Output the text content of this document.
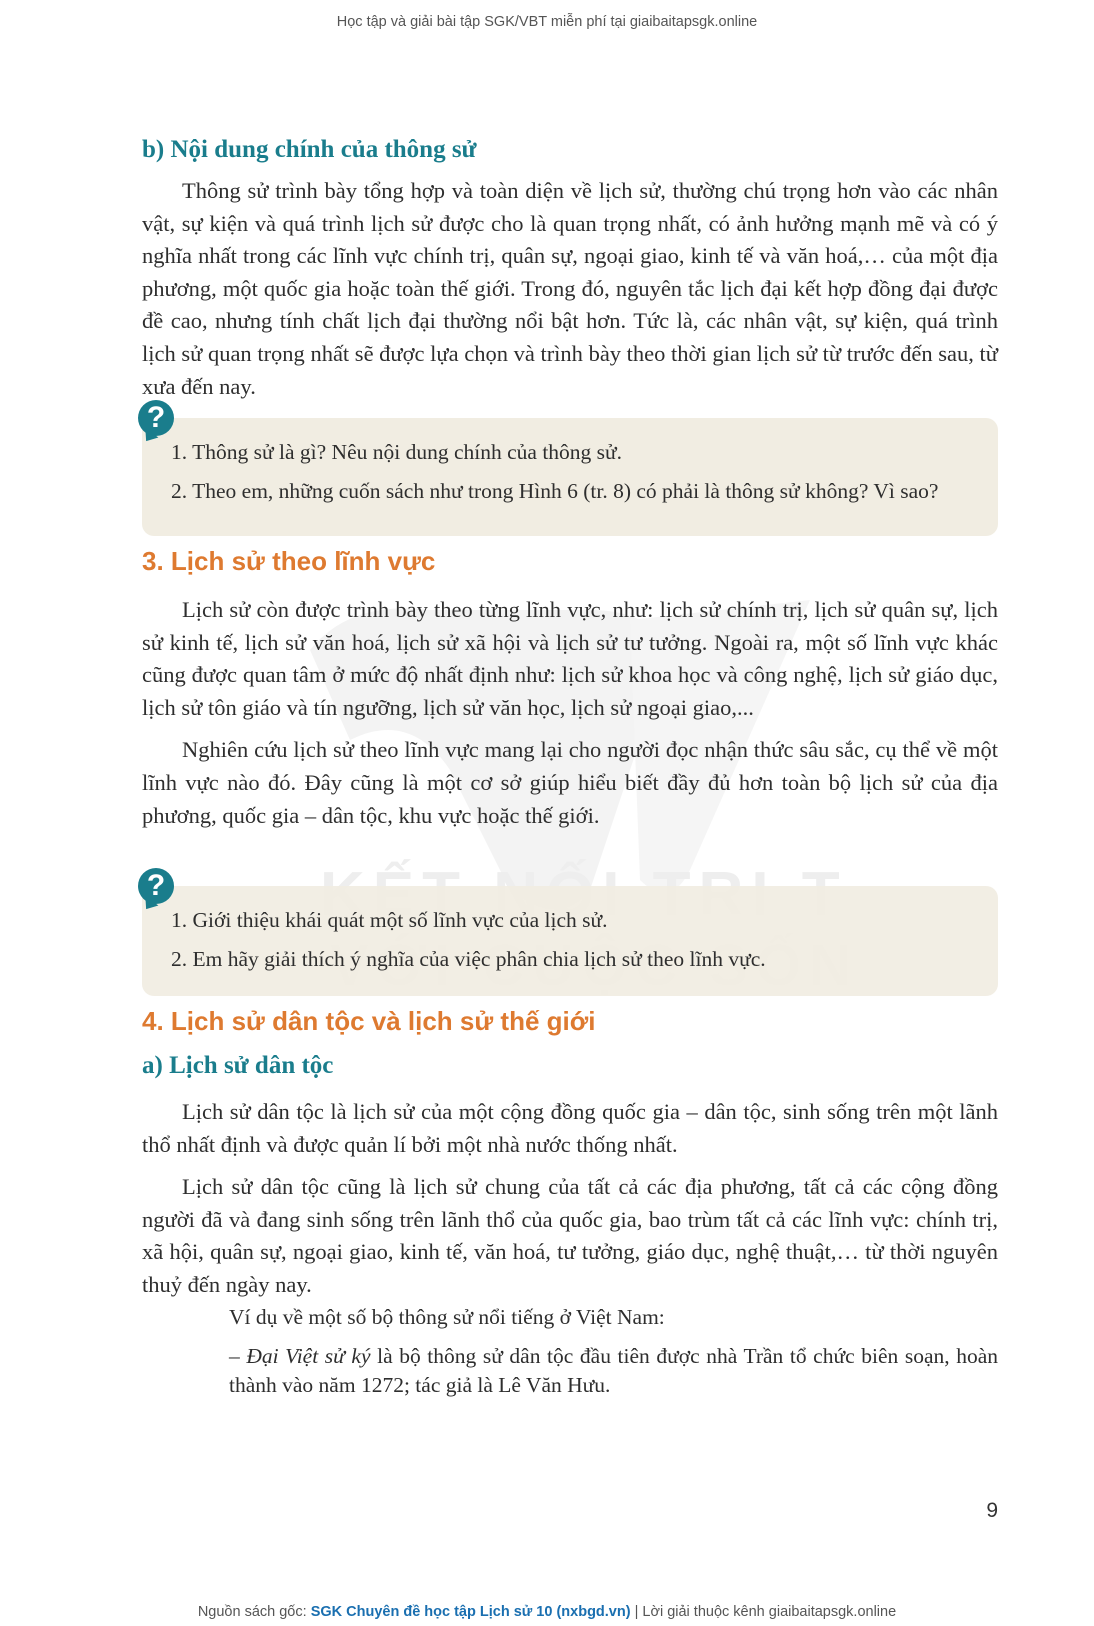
Học tập và giải bài tập SGK/VBT miễn phí tại giaibaitapsgk.online
b) Nội dung chính của thông sử

Thông sử trình bày tổng hợp và toàn diện về lịch sử, thường chú trọng hơn vào các nhân vật, sự kiện và quá trình lịch sử được cho là quan trọng nhất, có ảnh hưởng mạnh mẽ và có ý nghĩa nhất trong các lĩnh vực chính trị, quân sự, ngoại giao, kinh tế và văn hoá,… của một địa phương, một quốc gia hoặc toàn thế giới. Trong đó, nguyên tắc lịch đại kết hợp đồng đại được đề cao, nhưng tính chất lịch đại thường nổi bật hơn. Tức là, các nhân vật, sự kiện, quá trình lịch sử quan trọng nhất sẽ được lựa chọn và trình bày theo thời gian lịch sử từ trước đến sau, từ xưa đến nay.

?

1. Thông sử là gì? Nêu nội dung chính của thông sử.

2. Theo em, những cuốn sách như trong Hình 6 (tr. 8) có phải là thông sử không? Vì sao?

3. Lịch sử theo lĩnh vực

Lịch sử còn được trình bày theo từng lĩnh vực, như: lịch sử chính trị, lịch sử quân sự, lịch sử kinh tế, lịch sử văn hoá, lịch sử xã hội và lịch sử tư tưởng. Ngoài ra, một số lĩnh vực khác cũng được quan tâm ở mức độ nhất định như: lịch sử khoa học và công nghệ, lịch sử giáo dục, lịch sử tôn giáo và tín ngưỡng, lịch sử văn học, lịch sử ngoại giao,...

Nghiên cứu lịch sử theo lĩnh vực mang lại cho người đọc nhận thức sâu sắc, cụ thể về một lĩnh vực nào đó. Đây cũng là một cơ sở giúp hiểu biết đầy đủ hơn toàn bộ lịch sử của địa phương, quốc gia – dân tộc, khu vực hoặc thế giới.

?

1. Giới thiệu khái quát một số lĩnh vực của lịch sử.

2. Em hãy giải thích ý nghĩa của việc phân chia lịch sử theo lĩnh vực.

4. Lịch sử dân tộc và lịch sử thế giới
a) Lịch sử dân tộc

Lịch sử dân tộc là lịch sử của một cộng đồng quốc gia – dân tộc, sinh sống trên một lãnh thổ nhất định và được quản lí bởi một nhà nước thống nhất.

Lịch sử dân tộc cũng là lịch sử chung của tất cả các địa phương, tất cả các cộng đồng người đã và đang sinh sống trên lãnh thổ của quốc gia, bao trùm tất cả các lĩnh vực: chính trị, xã hội, quân sự, ngoại giao, kinh tế, văn hoá, tư tưởng, giáo dục, nghệ thuật,… từ thời nguyên thuỷ đến ngày nay.

Ví dụ về một số bộ thông sử nổi tiếng ở Việt Nam:

– Đại Việt sử ký là bộ thông sử dân tộc đầu tiên được nhà Trần tổ chức biên soạn, hoàn thành vào năm 1272; tác giả là Lê Văn Hưu.

9
Nguồn sách gốc: SGK Chuyên đề học tập Lịch sử 10 (nxbgd.vn) | Lời giải thuộc kênh giaibaitapsgk.online
